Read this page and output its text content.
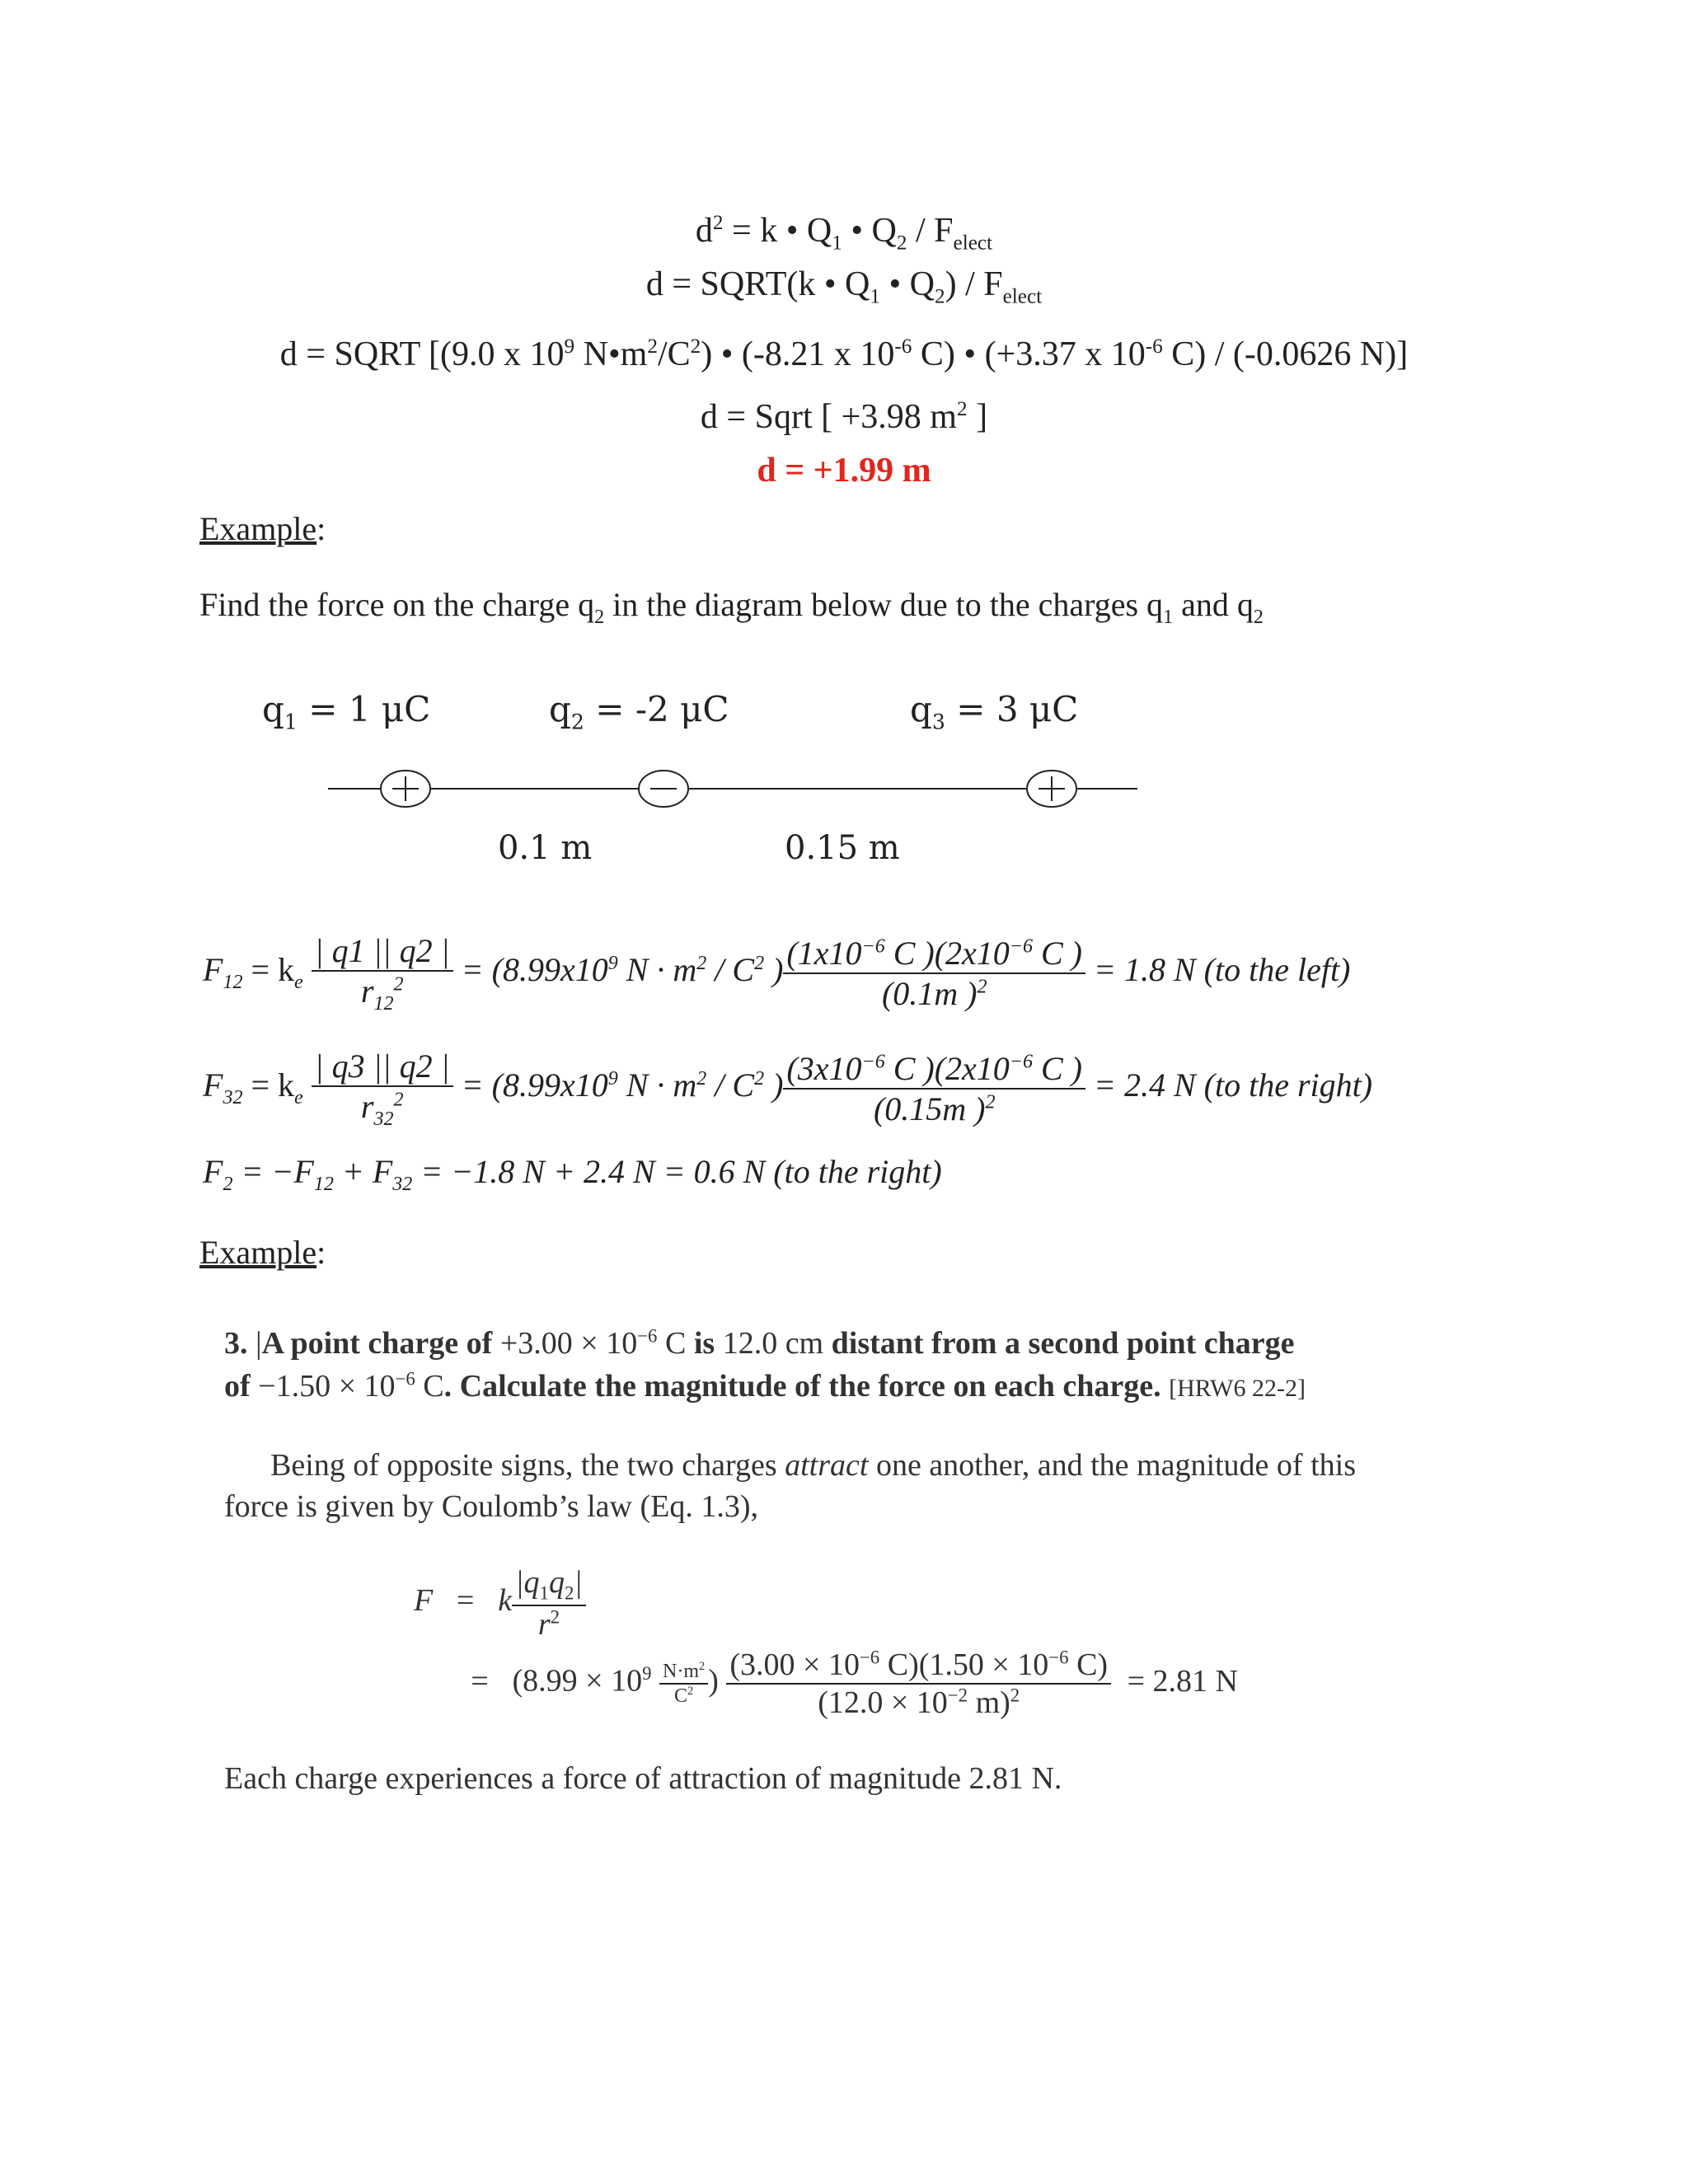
$d^2 = k$ • $Q_1$ • $Q_2 / F_{elect}$
d = SQRT(k • $Q_1$ • $Q_2) / F_{elect}$
d = SQRT [(9.0 x $10^9$ $N•m^2/C^2$) • (-8.21 x $10^{-6}$ C) • (+3.37 x $10^{-6}$ C) / (-0.0626 N)]
d = Sqrt [ +3.98 $m^2$ ]
d = +1.99 m
Example:
Find the force on the charge $q_2$ in the diagram below due to the charges $q_1$ and $q_2$
$q_1 = 1$ μC	$q_2 = -2$ μC	$q_3 = 3$ μC
0.1 m	0.15 m
$F_{12} = k_e \frac{| q1 || q2 |}{r_{12}^2} = (8.99x10^9$ $N \cdot m^2 / C^2$ ) $\frac{(1x10^{-6} C )(2x10^{-6} C )}{(0.1m )^2} = 1.8$ N (to the left)
$F_{32} = k_e \frac{| q3 || q2 |}{r_{32}^2} = (8.99x10^9$ $N \cdot m^2 / C^2$ ) $\frac{(3x10^{-6} C )(2x10^{-6} C )}{(0.15m )^2} = 2.4$ N (to the right)
$F_2 = -F_{12} + F_{32} = -1.8$ N + 2.4 N = 0.6 N (to the right)
Example:
3. |A point charge of $+3.00 \times 10^{-6}$ C is 12.0 cm distant from a second point charge
of $-1.50 \times 10^{-6}$ C. Calculate the magnitude of the force on each charge. [HRW6 22-2]
Being of opposite signs, the two charges attract one another, and the magnitude of this
force is given by Coulomb’s law (Eq. 1.3),
F = k $\frac{|q_1q_2|}{r^2}$
= ($8.99 \times 10^9 \frac{N\cdot m^2}{C^2}$ ) $\frac{(3.00 \times 10^{-6} C)(1.50 \times 10^{-6} C)}{(12.0 \times 10^{-2} m)^2} = 2.81$ N
Each charge experiences a force of attraction of magnitude 2.81 N.
